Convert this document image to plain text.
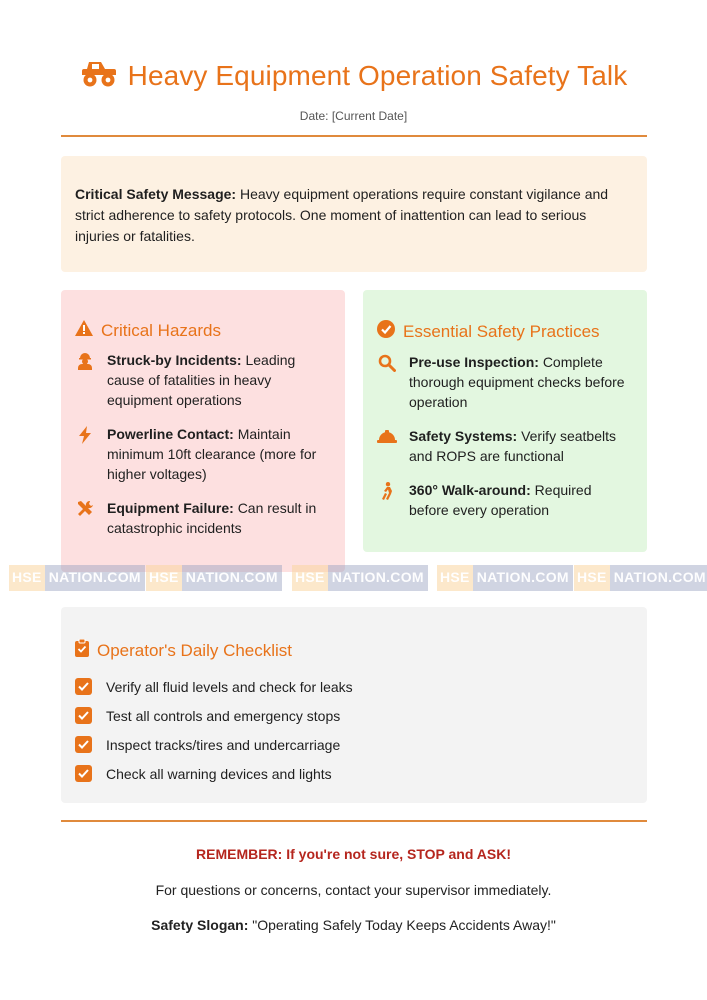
Heavy Equipment Operation Safety Talk
Date: [Current Date]
Critical Safety Message: Heavy equipment operations require constant vigilance and strict adherence to safety protocols. One moment of inattention can lead to serious injuries or fatalities.
Critical Hazards
Struck-by Incidents: Leading cause of fatalities in heavy equipment operations
Powerline Contact: Maintain minimum 10ft clearance (more for higher voltages)
Equipment Failure: Can result in catastrophic incidents
Essential Safety Practices
Pre-use Inspection: Complete thorough equipment checks before operation
Safety Systems: Verify seatbelts and ROPS are functional
360° Walk-around: Required before every operation
HSE NATION.COM HSE NATION.COM HSE NATION.COM HSE NATION.COM HSE NATION.COM
Operator's Daily Checklist
Verify all fluid levels and check for leaks
Test all controls and emergency stops
Inspect tracks/tires and undercarriage
Check all warning devices and lights
REMEMBER: If you're not sure, STOP and ASK!
For questions or concerns, contact your supervisor immediately.
Safety Slogan: "Operating Safely Today Keeps Accidents Away!"
